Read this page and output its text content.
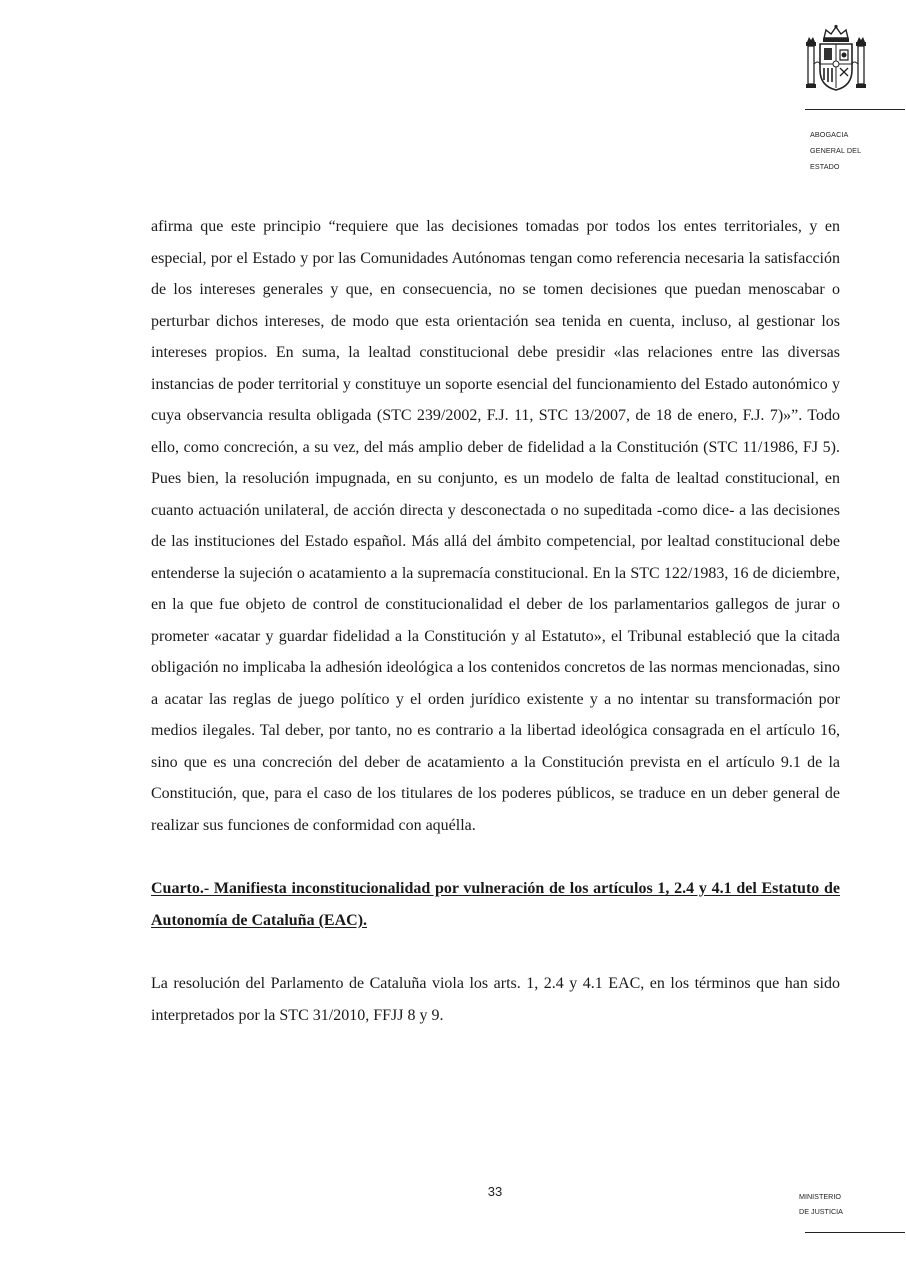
ABOGACIA
GENERAL DEL
ESTADO

afirma que este principio “requiere que las decisiones tomadas por todos los entes territoriales, y en especial, por el Estado y por las Comunidades Autónomas tengan como referencia necesaria la satisfacción de los intereses generales y que, en consecuencia, no se tomen decisiones que puedan menoscabar o perturbar dichos intereses, de modo que esta orientación sea tenida en cuenta, incluso, al gestionar los intereses propios. En suma, la lealtad constitucional debe presidir «las relaciones entre las diversas instancias de poder territorial y constituye un soporte esencial del funcionamiento del Estado autonómico y cuya observancia resulta obligada (STC 239/2002, F.J. 11, STC 13/2007, de 18 de enero, F.J. 7)»”. Todo ello, como concreción, a su vez, del más amplio deber de fidelidad a la Constitución (STC 11/1986, FJ 5). Pues bien, la resolución impugnada, en su conjunto, es un modelo de falta de lealtad constitucional, en cuanto actuación unilateral, de acción directa y desconectada o no supeditada -como dice- a las decisiones de las instituciones del Estado español. Más allá del ámbito competencial, por lealtad constitucional debe entenderse la sujeción o acatamiento a la supremacía constitucional. En la STC 122/1983, 16 de diciembre, en la que fue objeto de control de constitucionalidad el deber de los parlamentarios gallegos de jurar o prometer «acatar y guardar fidelidad a la Constitución y al Estatuto», el Tribunal estableció que la citada obligación no implicaba la adhesión ideológica a los contenidos concretos de las normas mencionadas, sino a acatar las reglas de juego político y el orden jurídico existente y a no intentar su transformación por medios ilegales. Tal deber, por tanto, no es contrario a la libertad ideológica consagrada en el artículo 16, sino que es una concreción del deber de acatamiento a la Constitución prevista en el artículo 9.1 de la Constitución, que, para el caso de los titulares de los poderes públicos, se traduce en un deber general de realizar sus funciones de conformidad con aquélla.

Cuarto.- Manifiesta inconstitucionalidad por vulneración de los artículos 1, 2.4 y 4.1 del Estatuto de Autonomía de Cataluña (EAC).

La resolución del Parlamento de Cataluña viola los arts. 1, 2.4 y 4.1 EAC, en los términos que han sido interpretados por la STC 31/2010, FFJJ 8 y 9.

33	MINISTERIO
DE JUSTICIA
